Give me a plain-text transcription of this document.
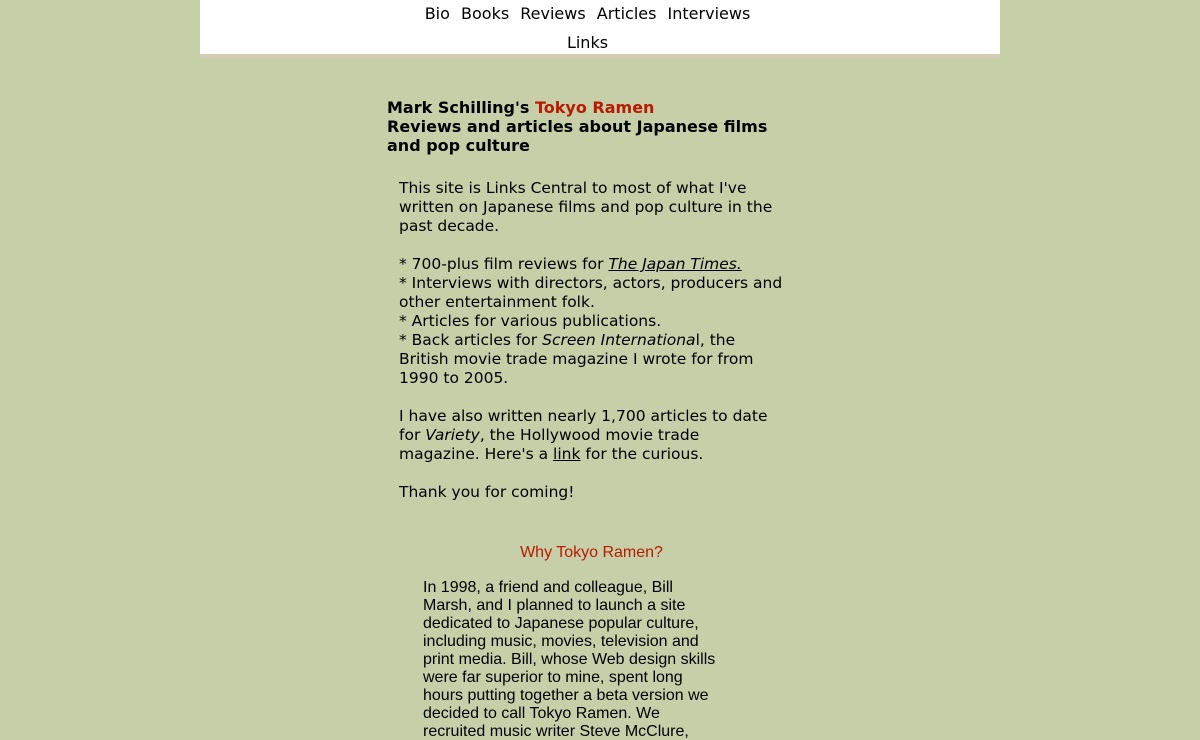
Bio Books Reviews Articles Interviews
Links
Mark Schilling's Tokyo Ramen
Reviews and articles about Japanese films and pop culture

This site is Links Central to most of what I've written on Japanese films and pop culture in the past decade.

* 700-plus film reviews for The Japan Times.
* Interviews with directors, actors, producers and other entertainment folk.
* Articles for various publications.
* Back articles for Screen International, the British movie trade magazine I wrote for from 1990 to 2005.

I have also written nearly 1,700 articles to date for Variety, the Hollywood movie trade magazine. Here's a link for the curious.

Thank you for coming!

Why Tokyo Ramen?
In 1998, a friend and colleague, Bill Marsh, and I planned to launch a site dedicated to Japanese popular culture, including music, movies, television and print media. Bill, whose Web design skills were far superior to mine, spent long hours putting together a beta version we decided to call Tokyo Ramen. We recruited music writer Steve McClure,
